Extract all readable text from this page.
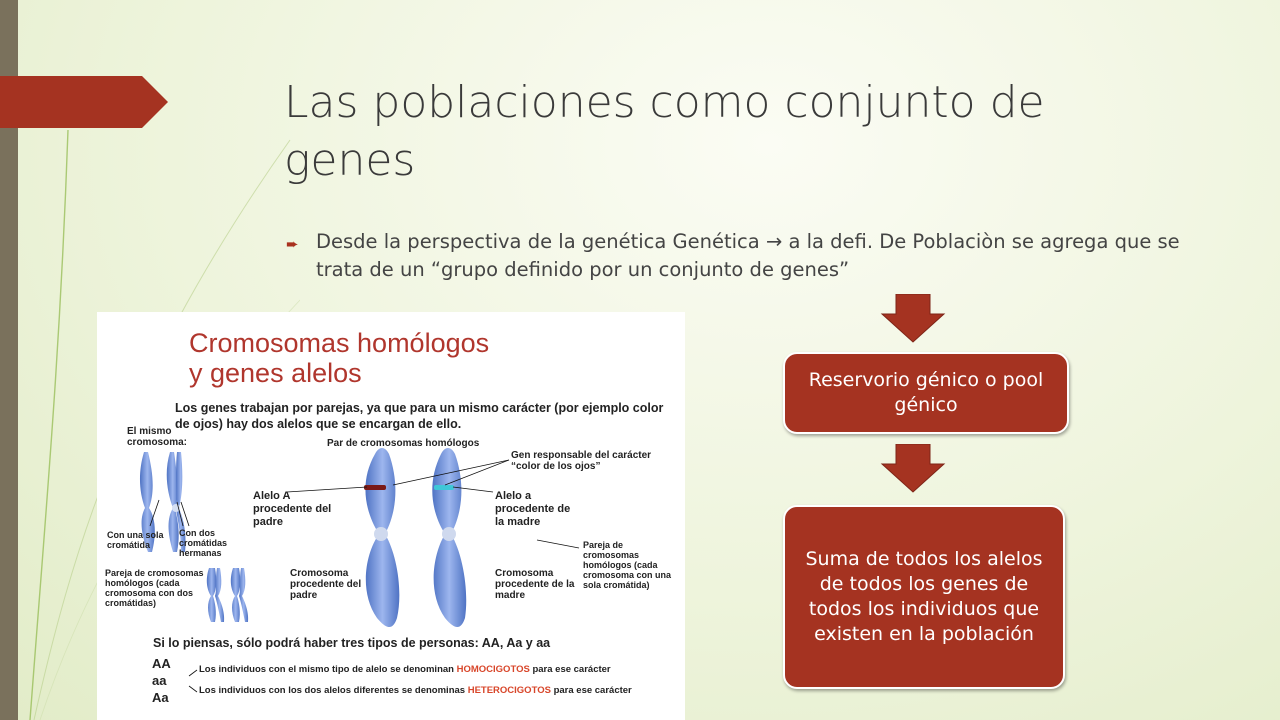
Las poblaciones como conjunto de genes
➨ Desde la perspectiva de la genética Genética → a la defi. De Poblaciòn se agrega que se trata de un “grupo definido por un conjunto de genes”
Cromosomas homólogos
y genes alelos
Los genes trabajan por parejas, ya que para un mismo carácter (por ejemplo color de ojos) hay dos alelos que se encargan de ello.
El mismo cromosoma:
Con una sola cromátida
Con dos cromátidas hermanas
Par de cromosomas homólogos
Gen responsable del carácter “color de los ojos”
Alelo A procedente del padre
Alelo a procedente de la madre
Pareja de cromosomas homólogos (cada cromosoma con una sola cromátida)
Pareja de cromosomas homólogos (cada cromosoma con dos cromátidas)
Cromosoma procedente del padre
Cromosoma procedente de la madre
Si lo piensas, sólo podrá haber tres tipos de personas: AA, Aa y aa
AA
aa
Aa
Los individuos con el mismo tipo de alelo se denominan HOMOCIGOTOS para ese carácter
Los individuos con los dos alelos diferentes se denominas HETEROCIGOTOS para ese carácter
Reservorio génico o pool génico
Suma de todos los alelos de todos los genes de todos los individuos que existen en la población
